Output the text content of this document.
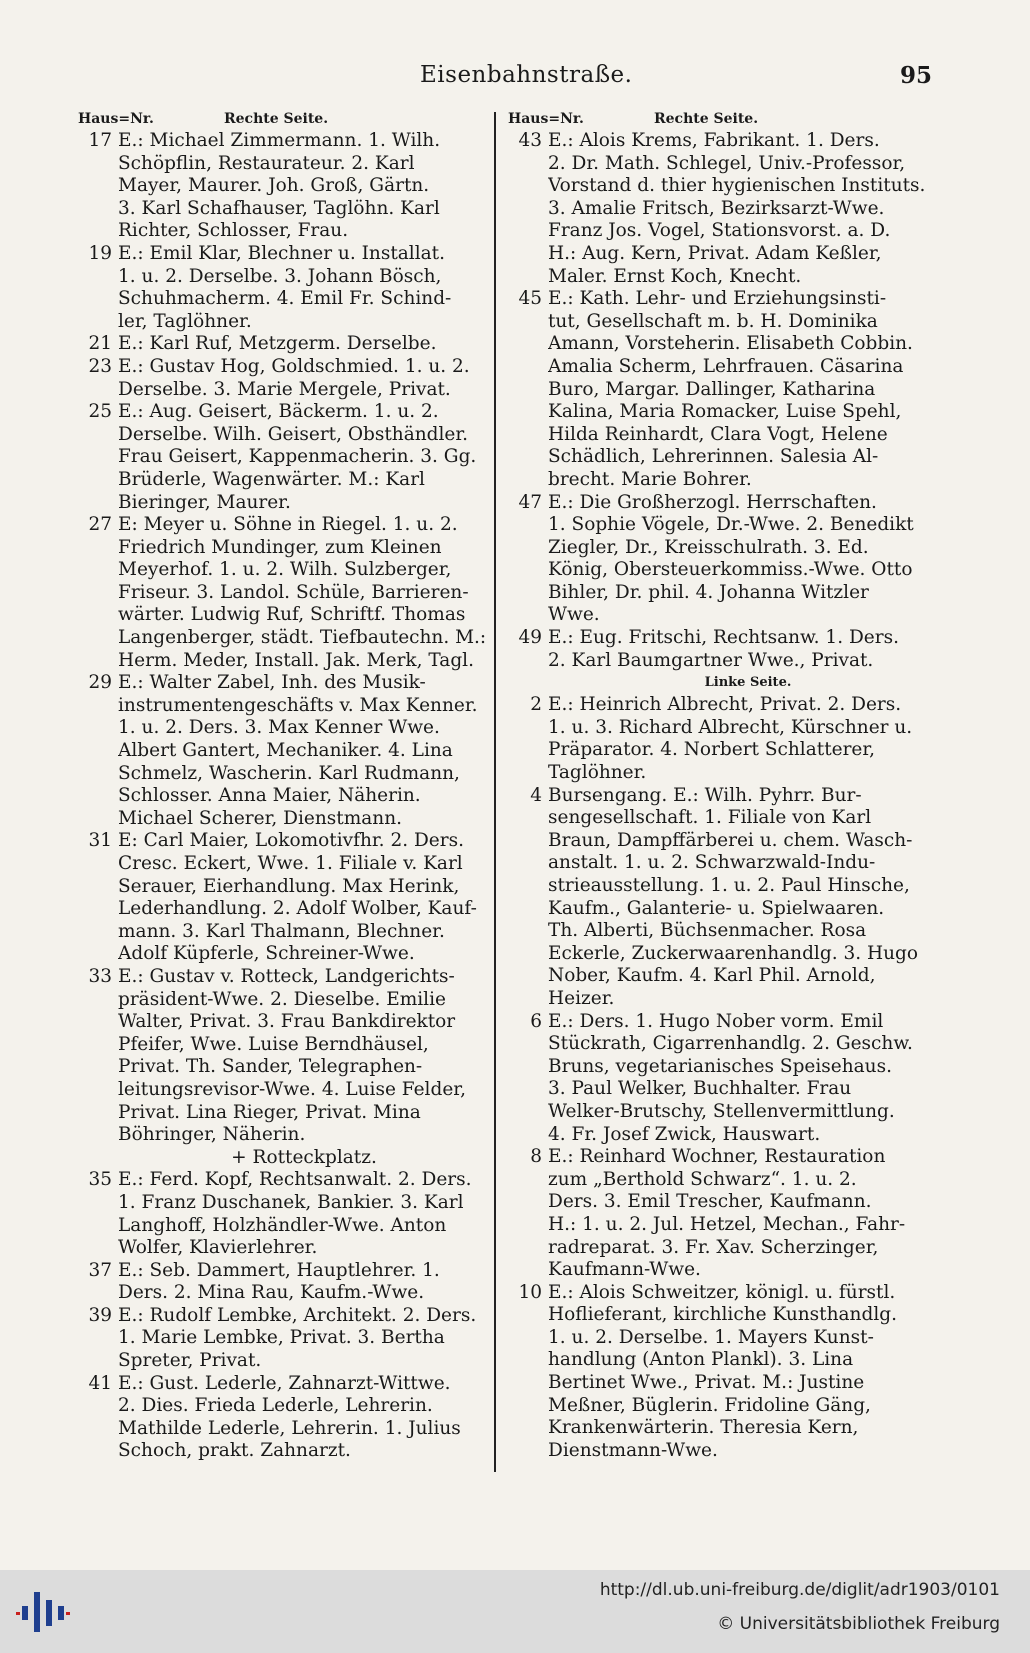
Eisenbahnstraße.	95
Haus=Nr.	Rechte Seite.
17 E.: Michael Zimmermann. 1. Wilh.
Schöpflin, Restaurateur. 2. Karl
Mayer, Maurer. Joh. Groß, Gärtn.
3. Karl Schafhauser, Taglöhn. Karl
Richter, Schlosser, Frau.
19 E.: Emil Klar, Blechner u. Installat.
1. u. 2. Derselbe. 3. Johann Bösch,
Schuhmacherm. 4. Emil Fr. Schind-
ler, Taglöhner.
21 E.: Karl Ruf, Metzgerm. Derselbe.
23 E.: Gustav Hog, Goldschmied. 1. u. 2.
Derselbe. 3. Marie Mergele, Privat.
25 E.: Aug. Geisert, Bäckerm. 1. u. 2.
Derselbe. Wilh. Geisert, Obsthändler.
Frau Geisert, Kappenmacherin. 3. Gg.
Brüderle, Wagenwärter. M.: Karl
Bieringer, Maurer.
27 E: Meyer u. Söhne in Riegel. 1. u. 2.
Friedrich Mundinger, zum Kleinen
Meyerhof. 1. u. 2. Wilh. Sulzberger,
Friseur. 3. Landol. Schüle, Barrieren-
wärter. Ludwig Ruf, Schriftf. Thomas
Langenberger, städt. Tiefbautechn. M.:
Herm. Meder, Install. Jak. Merk, Tagl.
29 E.: Walter Zabel, Inh. des Musik-
instrumentengeschäfts v. Max Kenner.
1. u. 2. Ders. 3. Max Kenner Wwe.
Albert Gantert, Mechaniker. 4. Lina
Schmelz, Wascherin. Karl Rudmann,
Schlosser. Anna Maier, Näherin.
Michael Scherer, Dienstmann.
31 E: Carl Maier, Lokomotivfhr. 2. Ders.
Cresc. Eckert, Wwe. 1. Filiale v. Karl
Serauer, Eierhandlung. Max Herink,
Lederhandlung. 2. Adolf Wolber, Kauf-
mann. 3. Karl Thalmann, Blechner.
Adolf Küpferle, Schreiner-Wwe.
33 E.: Gustav v. Rotteck, Landgerichts-
präsident-Wwe. 2. Dieselbe. Emilie
Walter, Privat. 3. Frau Bankdirektor
Pfeifer, Wwe. Luise Berndhäusel,
Privat. Th. Sander, Telegraphen-
leitungsrevisor-Wwe. 4. Luise Felder,
Privat. Lina Rieger, Privat. Mina
Böhringer, Näherin.
+ Rotteckplatz.
35 E.: Ferd. Kopf, Rechtsanwalt. 2. Ders.
1. Franz Duschanek, Bankier. 3. Karl
Langhoff, Holzhändler-Wwe. Anton
Wolfer, Klavierlehrer.
37 E.: Seb. Dammert, Hauptlehrer. 1.
Ders. 2. Mina Rau, Kaufm.-Wwe.
39 E.: Rudolf Lembke, Architekt. 2. Ders.
1. Marie Lembke, Privat. 3. Bertha
Spreter, Privat.
41 E.: Gust. Lederle, Zahnarzt-Wittwe.
2. Dies. Frieda Lederle, Lehrerin.
Mathilde Lederle, Lehrerin. 1. Julius
Schoch, prakt. Zahnarzt.
Haus=Nr.	Rechte Seite.
43 E.: Alois Krems, Fabrikant. 1. Ders.
2. Dr. Math. Schlegel, Univ.-Professor,
Vorstand d. thier hygienischen Instituts.
3. Amalie Fritsch, Bezirksarzt-Wwe.
Franz Jos. Vogel, Stationsvorst. a. D.
H.: Aug. Kern, Privat. Adam Keßler,
Maler. Ernst Koch, Knecht.
45 E.: Kath. Lehr- und Erziehungsinsti-
tut, Gesellschaft m. b. H. Dominika
Amann, Vorsteherin. Elisabeth Cobbin.
Amalia Scherm, Lehrfrauen. Cäsarina
Buro, Margar. Dallinger, Katharina
Kalina, Maria Romacker, Luise Spehl,
Hilda Reinhardt, Clara Vogt, Helene
Schädlich, Lehrerinnen. Salesia Al-
brecht. Marie Bohrer.
47 E.: Die Großherzogl. Herrschaften.
1. Sophie Vögele, Dr.-Wwe. 2. Benedikt
Ziegler, Dr., Kreisschulrath. 3. Ed.
König, Obersteuerkommiss.-Wwe. Otto
Bihler, Dr. phil. 4. Johanna Witzler
Wwe.
49 E.: Eug. Fritschi, Rechtsanw. 1. Ders.
2. Karl Baumgartner Wwe., Privat.
Linke Seite.
2 E.: Heinrich Albrecht, Privat. 2. Ders.
1. u. 3. Richard Albrecht, Kürschner u.
Präparator. 4. Norbert Schlatterer,
Taglöhner.
4 Bursengang. E.: Wilh. Pyhrr. Bur-
sengesellschaft. 1. Filiale von Karl
Braun, Dampffärberei u. chem. Wasch-
anstalt. 1. u. 2. Schwarzwald-Indu-
strieausstellung. 1. u. 2. Paul Hinsche,
Kaufm., Galanterie- u. Spielwaaren.
Th. Alberti, Büchsenmacher. Rosa
Eckerle, Zuckerwaarenhandlg. 3. Hugo
Nober, Kaufm. 4. Karl Phil. Arnold,
Heizer.
6 E.: Ders. 1. Hugo Nober vorm. Emil
Stückrath, Cigarrenhandlg. 2. Geschw.
Bruns, vegetarianisches Speisehaus.
3. Paul Welker, Buchhalter. Frau
Welker-Brutschy, Stellenvermittlung.
4. Fr. Josef Zwick, Hauswart.
8 E.: Reinhard Wochner, Restauration
zum „Berthold Schwarz“. 1. u. 2.
Ders. 3. Emil Trescher, Kaufmann.
H.: 1. u. 2. Jul. Hetzel, Mechan., Fahr-
radreparat. 3. Fr. Xav. Scherzinger,
Kaufmann-Wwe.
10 E.: Alois Schweitzer, königl. u. fürstl.
Hoflieferant, kirchliche Kunsthandlg.
1. u. 2. Derselbe. 1. Mayers Kunst-
handlung (Anton Plankl). 3. Lina
Bertinet Wwe., Privat. M.: Justine
Meßner, Büglerin. Fridoline Gäng,
Krankenwärterin. Theresia Kern,
Dienstmann-Wwe.
http://dl.ub.uni-freiburg.de/diglit/adr1903/0101
© Universitätsbibliothek Freiburg
